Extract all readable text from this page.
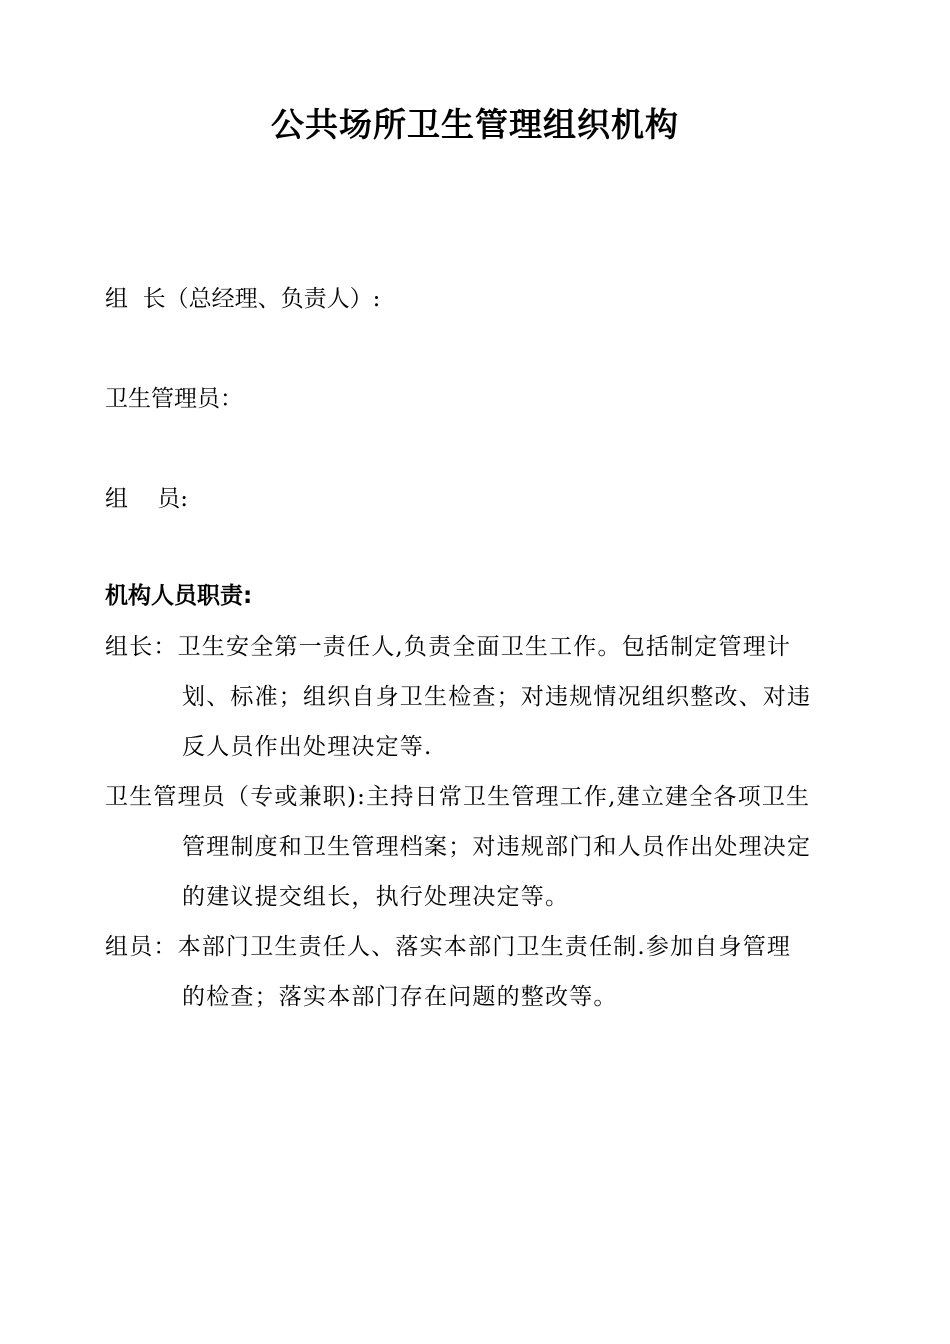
公共场所卫生管理组织机构
组  长（总经理、负责人）:
卫生管理员：
组    员:
机构人员职责:
组长：卫生安全第一责任人,负责全面卫生工作。包括制定管理计
划、标准；组织自身卫生检查；对违规情况组织整改、对违
反人员作出处理决定等.
卫生管理员（专或兼职):主持日常卫生管理工作,建立建全各项卫生
管理制度和卫生管理档案；对违规部门和人员作出处理决定
的建议提交组长，执行处理决定等。
组员：本部门卫生责任人、落实本部门卫生责任制.参加自身管理
的检查；落实本部门存在问题的整改等。
